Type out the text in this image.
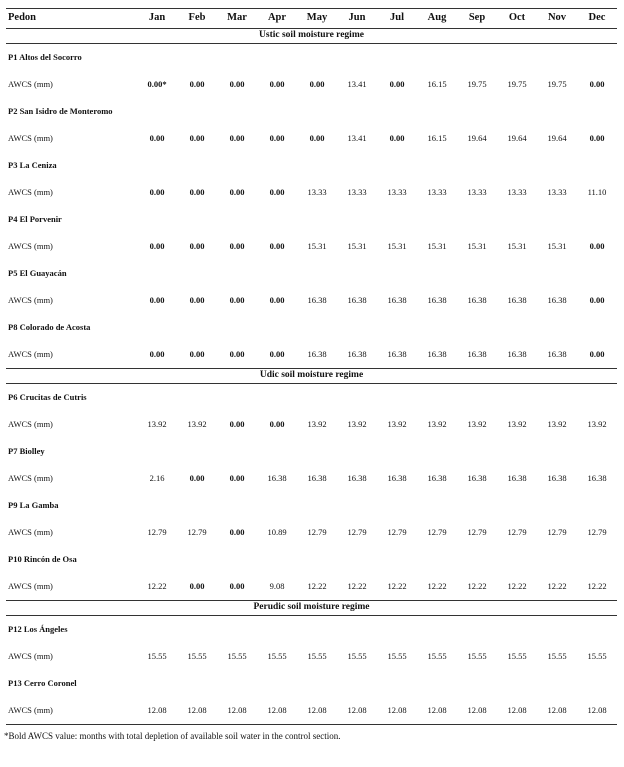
Pedon	Jan	Feb	Mar	Apr	May	Jun	Jul	Aug	Sep	Oct	Nov	Dec
Ustic soil moisture regime												
P1 Altos del Socorro												
AWCS (mm)	0.00*	0.00	0.00	0.00	0.00	13.41	0.00	16.15	19.75	19.75	19.75	0.00
P2 San Isidro de Monteromo												
AWCS (mm)	0.00	0.00	0.00	0.00	0.00	13.41	0.00	16.15	19.64	19.64	19.64	0.00
P3 La Ceniza												
AWCS (mm)	0.00	0.00	0.00	0.00	13.33	13.33	13.33	13.33	13.33	13.33	13.33	11.10
P4 El Porvenir												
AWCS (mm)	0.00	0.00	0.00	0.00	15.31	15.31	15.31	15.31	15.31	15.31	15.31	0.00
P5 El Guayacán												
AWCS (mm)	0.00	0.00	0.00	0.00	16.38	16.38	16.38	16.38	16.38	16.38	16.38	0.00
P8 Colorado de Acosta												
AWCS (mm)	0.00	0.00	0.00	0.00	16.38	16.38	16.38	16.38	16.38	16.38	16.38	0.00
Udic soil moisture regime												
P6 Crucitas de Cutris												
AWCS (mm)	13.92	13.92	0.00	0.00	13.92	13.92	13.92	13.92	13.92	13.92	13.92	13.92
P7 Biolley												
AWCS (mm)	2.16	0.00	0.00	16.38	16.38	16.38	16.38	16.38	16.38	16.38	16.38	16.38
P9 La Gamba												
AWCS (mm)	12.79	12.79	0.00	10.89	12.79	12.79	12.79	12.79	12.79	12.79	12.79	12.79
P10 Rincón de Osa												
AWCS (mm)	12.22	0.00	0.00	9.08	12.22	12.22	12.22	12.22	12.22	12.22	12.22	12.22
Perudic soil moisture regime												
P12 Los Ángeles												
AWCS (mm)	15.55	15.55	15.55	15.55	15.55	15.55	15.55	15.55	15.55	15.55	15.55	15.55
P13 Cerro Coronel												
AWCS (mm)	12.08	12.08	12.08	12.08	12.08	12.08	12.08	12.08	12.08	12.08	12.08	12.08
*Bold AWCS value: months with total depletion of available soil water in the control section.
